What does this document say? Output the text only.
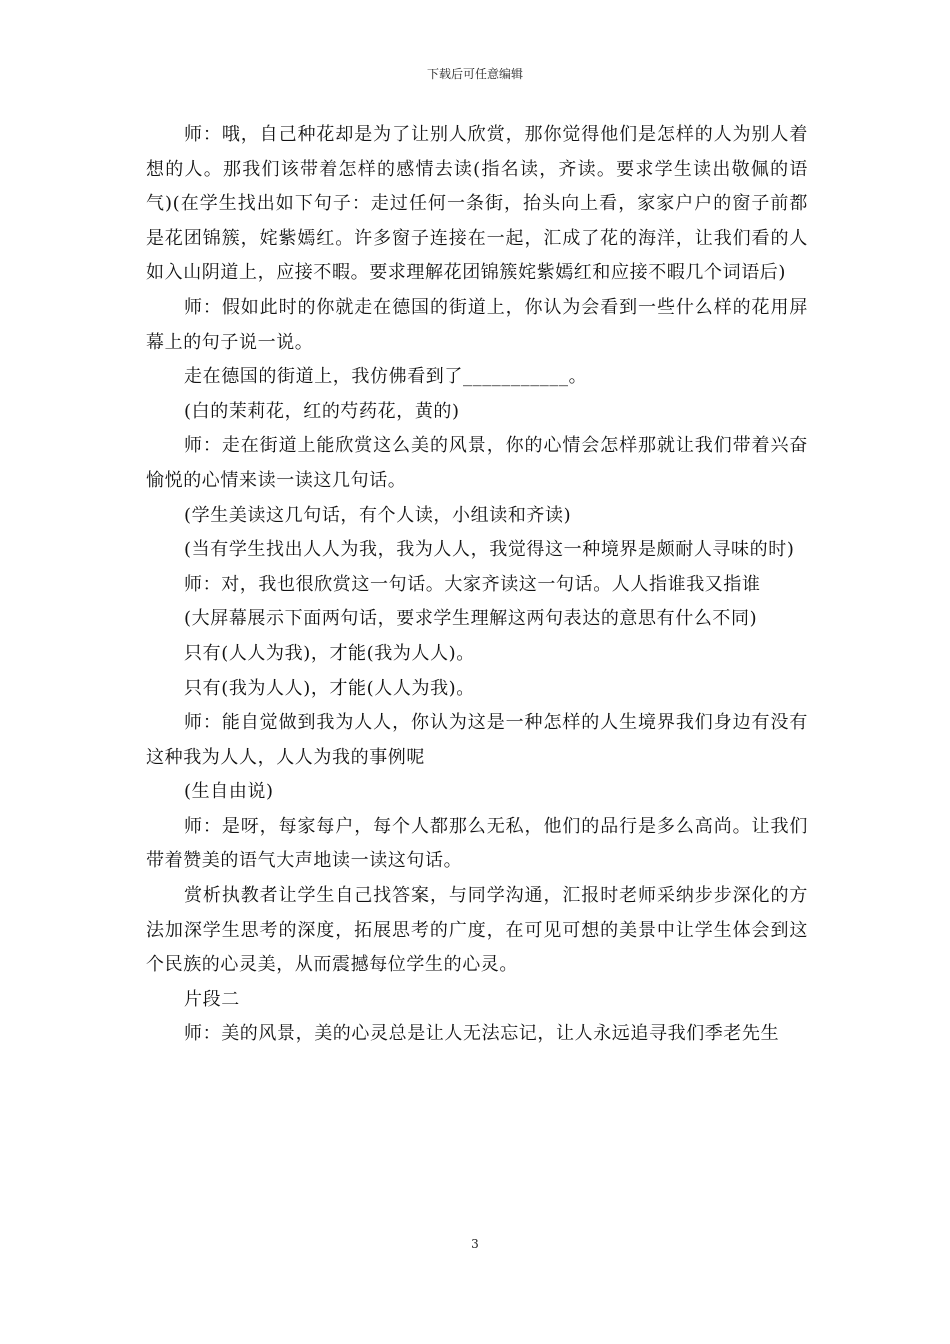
下载后可任意编辑

师：哦，自己种花却是为了让别人欣赏，那你觉得他们是怎样的人为别人着想的人。那我们该带着怎样的感情去读(指名读，齐读。要求学生读出敬佩的语气)(在学生找出如下句子：走过任何一条街，抬头向上看，家家户户的窗子前都是花团锦簇，姹紫嫣红。许多窗子连接在一起，汇成了花的海洋，让我们看的人如入山阴道上，应接不暇。要求理解花团锦簇姹紫嫣红和应接不暇几个词语后)

师：假如此时的你就走在德国的街道上，你认为会看到一些什么样的花用屏幕上的句子说一说。

走在德国的街道上，我仿佛看到了___________。

(白的茉莉花，红的芍药花，黄的)

师：走在街道上能欣赏这么美的风景，你的心情会怎样那就让我们带着兴奋愉悦的心情来读一读这几句话。

(学生美读这几句话，有个人读，小组读和齐读)

(当有学生找出人人为我，我为人人，我觉得这一种境界是颇耐人寻味的时)

师：对，我也很欣赏这一句话。大家齐读这一句话。人人指谁我又指谁

(大屏幕展示下面两句话，要求学生理解这两句表达的意思有什么不同)

只有(人人为我)，才能(我为人人)。

只有(我为人人)，才能(人人为我)。

师：能自觉做到我为人人，你认为这是一种怎样的人生境界我们身边有没有这种我为人人，人人为我的事例呢

(生自由说)

师：是呀，每家每户，每个人都那么无私，他们的品行是多么高尚。让我们带着赞美的语气大声地读一读这句话。

赏析执教者让学生自己找答案，与同学沟通，汇报时老师采纳步步深化的方法加深学生思考的深度，拓展思考的广度，在可见可想的美景中让学生体会到这个民族的心灵美，从而震撼每位学生的心灵。

片段二

师：美的风景，美的心灵总是让人无法忘记，让人永远追寻我们季老先生

3
